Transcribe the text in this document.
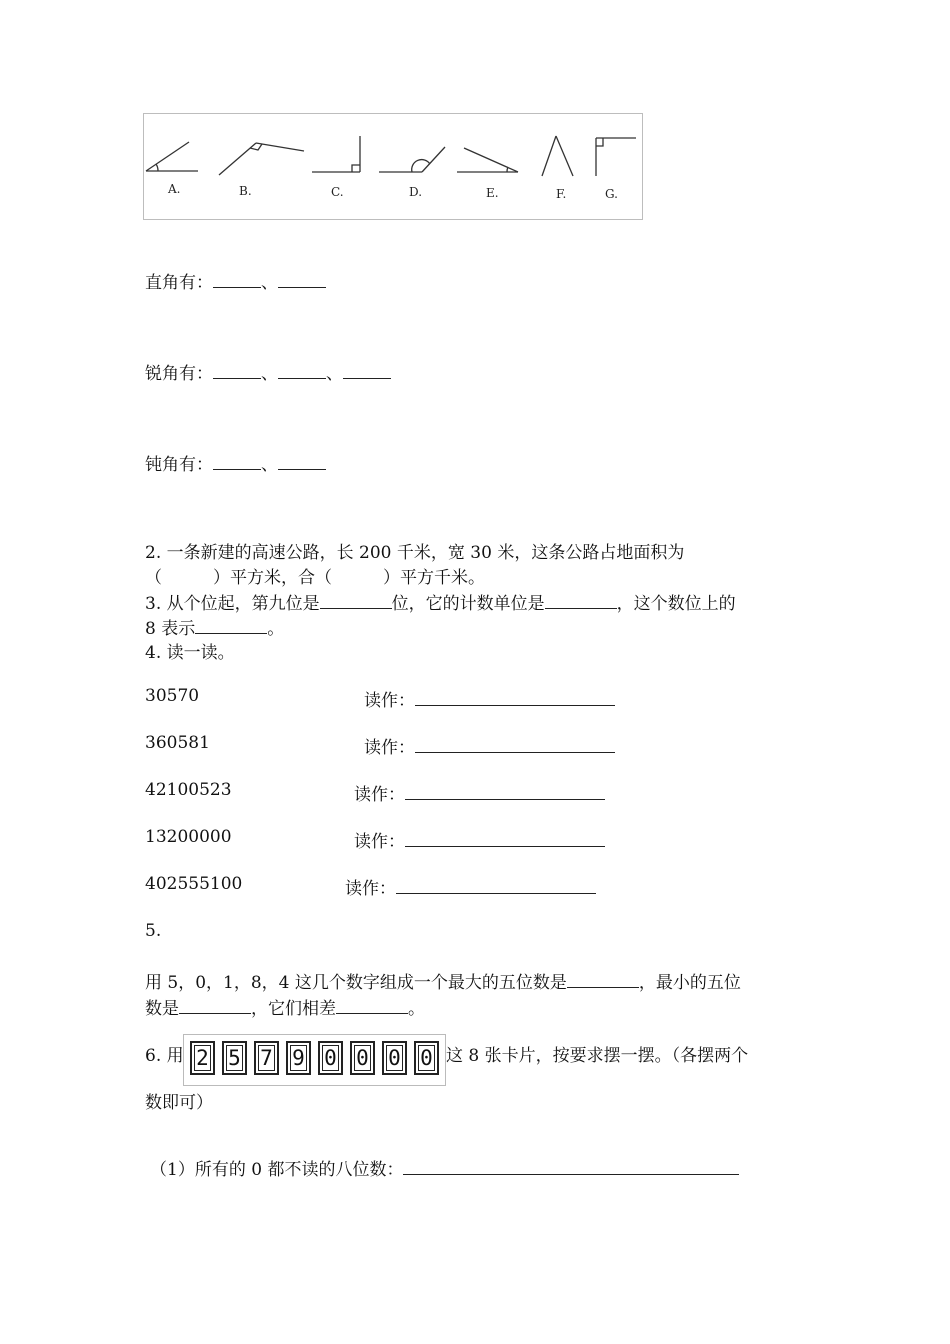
A.	B.	C.	D.	E.	F.	G.
直角有：	、
锐角有：	、	、
钝角有：	、
2. 一条新建的高速公路，长 200 千米，宽 30 米，这条公路占地面积为
（　　　）平方米，合（　　　）平方千米。
3. 从个位起，第九位是	位，它的计数单位是	，这个数位上的
8 表示	。
4. 读一读。
30570	读作：
360581	读作：
42100523	读作：
13200000	读作：
402555100	读作：
5.
用 5，0，1，8，4 这几个数字组成一个最大的五位数是	，最小的五位
数是	，它们相差	。
6. 用 2 5 7 9 0 0 0 0 这 8 张卡片，按要求摆一摆。（各摆两个
数即可）
（1）所有的 0 都不读的八位数：
